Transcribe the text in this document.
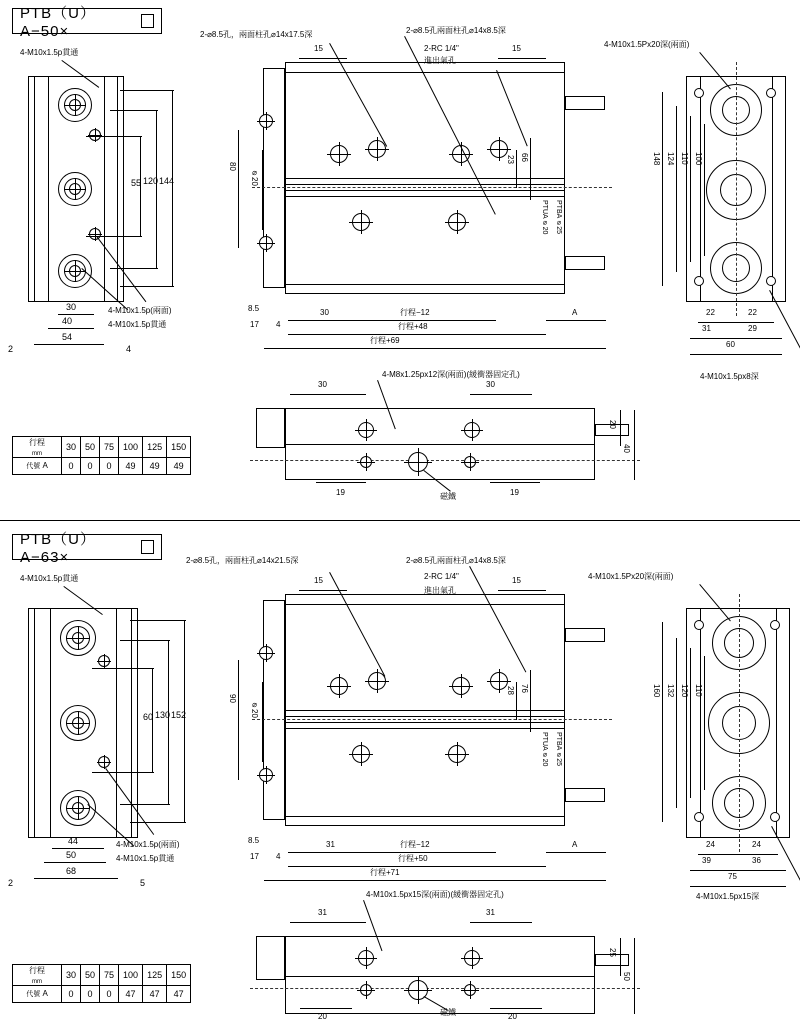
PTB（U）A−50×
55 120 144
30
40
54
2	4
4-M10x1.5p貫通
4-M10x1.5p(兩面)
4-M10x1.5p貫通
2-⌀8.5孔，兩面柱孔⌀14x17.5深	2-⌀8.5孔兩面柱孔⌀14x8.5深
2-RC 1/4"
進出氣孔
15	15
80
⌀20
23 66
PTUA⌀20 PTBA⌀25
8.5
17 4
30	行程−12
行程+48
行程+69
A
4-M10x1.5Px20深(兩面)
4-M10x1.5px8深
148 124 110 100
22	22
31	29
60
4-M8x1.25px12深(兩面)(緩衝器固定孔)
磁鐵
30	30
20
40
19	19
行程
mm	30	50	75	100	125	150
代號 A	0	0	0	49	49	49
PTB（U）A−63×
60 130 152
44
50
68
2	5
4-M10x1.5p貫通
4-M10x1.5p(兩面)
4-M10x1.5p貫通
2-⌀8.5孔，兩面柱孔⌀14x21.5深	2-⌀8.5孔兩面柱孔⌀14x8.5深
2-RC 1/4"
進出氣孔
15	15
90
⌀20
28 76
PTUA⌀20 PTBA⌀25
8.5
17 4
31	行程−12
行程+50
行程+71
A
4-M10x1.5Px20深(兩面)
4-M10x1.5px15深
160 132 120 110
24	24
39	36
75
4-M10x1.5px15深(兩面)(緩衝器固定孔)
磁鐵
31	31
25
50
20	20
行程
mm	30	50	75	100	125	150
代號 A	0	0	0	47	47	47
